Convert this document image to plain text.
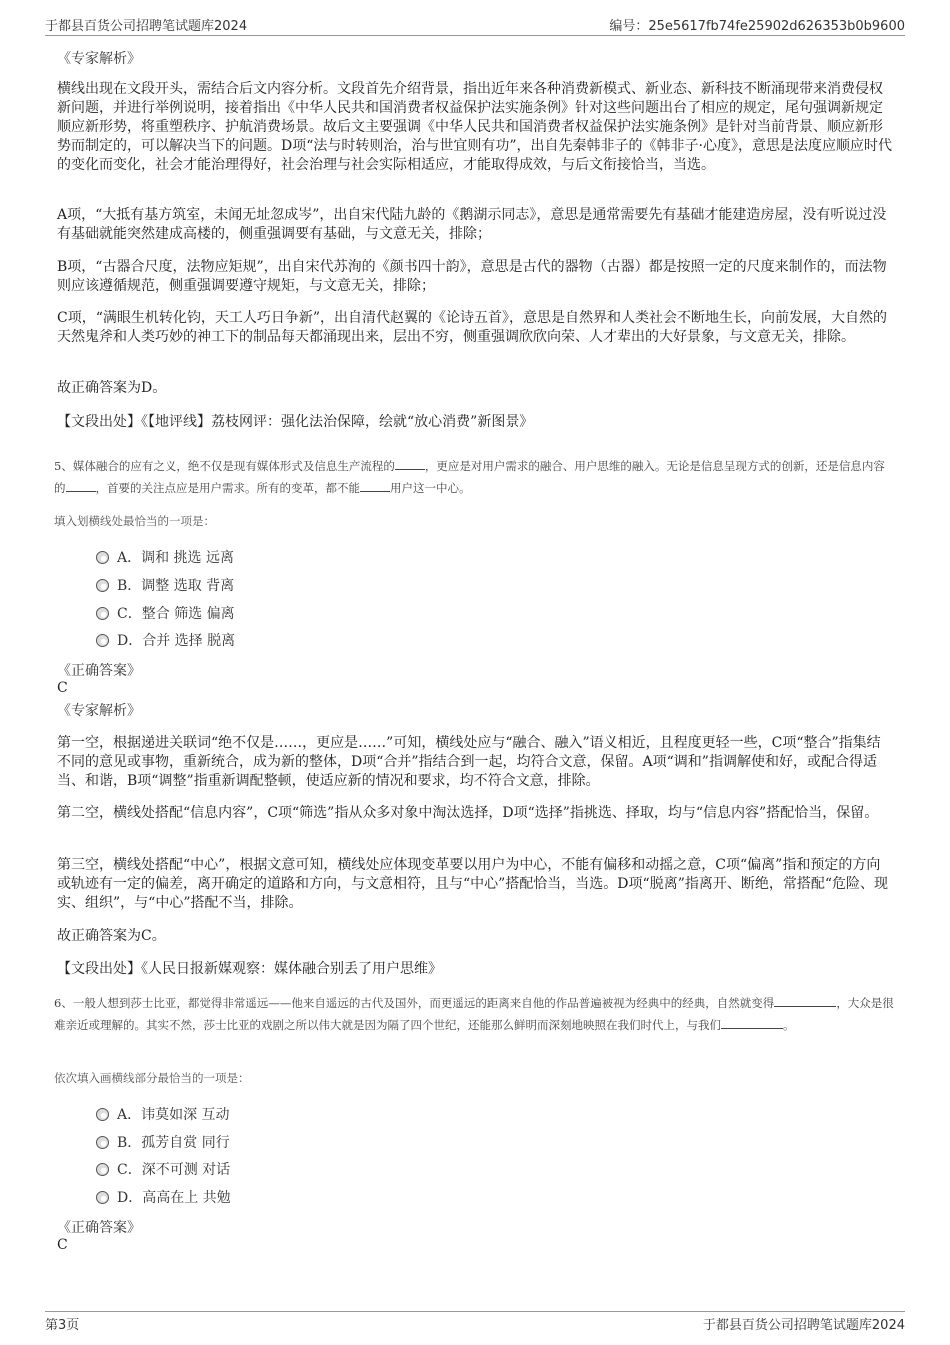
于都县百货公司招聘笔试题库2024	编号：25e5617fb74fe25902d626353b0b9600
《专家解析》

横线出现在文段开头，需结合后文内容分析。文段首先介绍背景，指出近年来各种消费新模式、新业态、新科技不断涌现带来消费侵权新问题，并进行举例说明，接着指出《中华人民共和国消费者权益保护法实施条例》针对这些问题出台了相应的规定，尾句强调新规定顺应新形势，将重塑秩序、护航消费场景。故后文主要强调《中华人民共和国消费者权益保护法实施条例》是针对当前背景、顺应新形势而制定的，可以解决当下的问题。D项“法与时转则治，治与世宜则有功”，出自先秦韩非子的《韩非子·心度》，意思是法度应顺应时代的变化而变化，社会才能治理得好，社会治理与社会实际相适应，才能取得成效，与后文衔接恰当，当选。

A项，“大抵有基方筑室，未闻无址忽成岑”，出自宋代陆九龄的《鹅湖示同志》，意思是通常需要先有基础才能建造房屋，没有听说过没有基础就能突然建成高楼的，侧重强调要有基础，与文意无关，排除；

B项，“古器合尺度，法物应矩规”，出自宋代苏洵的《颜书四十韵》，意思是古代的器物（古器）都是按照一定的尺度来制作的，而法物则应该遵循规范，侧重强调要遵守规矩，与文意无关，排除；

C项，“满眼生机转化钧，天工人巧日争新”，出自清代赵翼的《论诗五首》，意思是自然界和人类社会不断地生长，向前发展，大自然的天然鬼斧和人类巧妙的神工下的制品每天都涌现出来，层出不穷，侧重强调欣欣向荣、人才辈出的大好景象，与文意无关，排除。

故正确答案为D。

【文段出处】《【地评线】荔枝网评：强化法治保障，绘就“放心消费”新图景》

5、媒体融合的应有之义，绝不仅是现有媒体形式及信息生产流程的	，更应是对用户需求的融合、用户思维的融入。无论是信息呈现方式的创新，还是信息内容的	，首要的关注点应是用户需求。所有的变革，都不能	用户这一中心。

填入划横线处最恰当的一项是：
A．调和 挑选 远离
B．调整 选取 背离
C．整合 筛选 偏离
D．合并 选择 脱离
《正确答案》
C
《专家解析》

第一空，根据递进关联词“绝不仅是……，更应是……”可知，横线处应与“融合、融入”语义相近，且程度更轻一些，C项“整合”指集结不同的意见或事物，重新统合，成为新的整体，D项“合并”指结合到一起，均符合文意，保留。A项“调和”指调解使和好，或配合得适当、和谐，B项“调整”指重新调配整顿，使适应新的情况和要求，均不符合文意，排除。

第二空，横线处搭配“信息内容”，C项“筛选”指从众多对象中淘汰选择，D项“选择”指挑选、择取，均与“信息内容”搭配恰当，保留。

第三空，横线处搭配“中心”，根据文意可知，横线处应体现变革要以用户为中心，不能有偏移和动摇之意，C项“偏离”指和预定的方向或轨迹有一定的偏差，离开确定的道路和方向，与文意相符，且与“中心”搭配恰当，当选。D项“脱离”指离开、断绝，常搭配“危险、现实、组织”，与“中心”搭配不当，排除。

故正确答案为C。

【文段出处】《人民日报新媒观察：媒体融合别丢了用户思维》

6、一般人想到莎士比亚，都觉得非常遥远——他来自遥远的古代及国外，而更遥远的距离来自他的作品普遍被视为经典中的经典，自然就变得	，大众是很难亲近或理解的。其实不然，莎士比亚的戏剧之所以伟大就是因为隔了四个世纪，还能那么鲜明而深刻地映照在我们时代上，与我们	。

依次填入画横线部分最恰当的一项是：
A．讳莫如深 互动
B．孤芳自赏 同行
C．深不可测 对话
D．高高在上 共勉
《正确答案》
C
第3页	于都县百货公司招聘笔试题库2024
